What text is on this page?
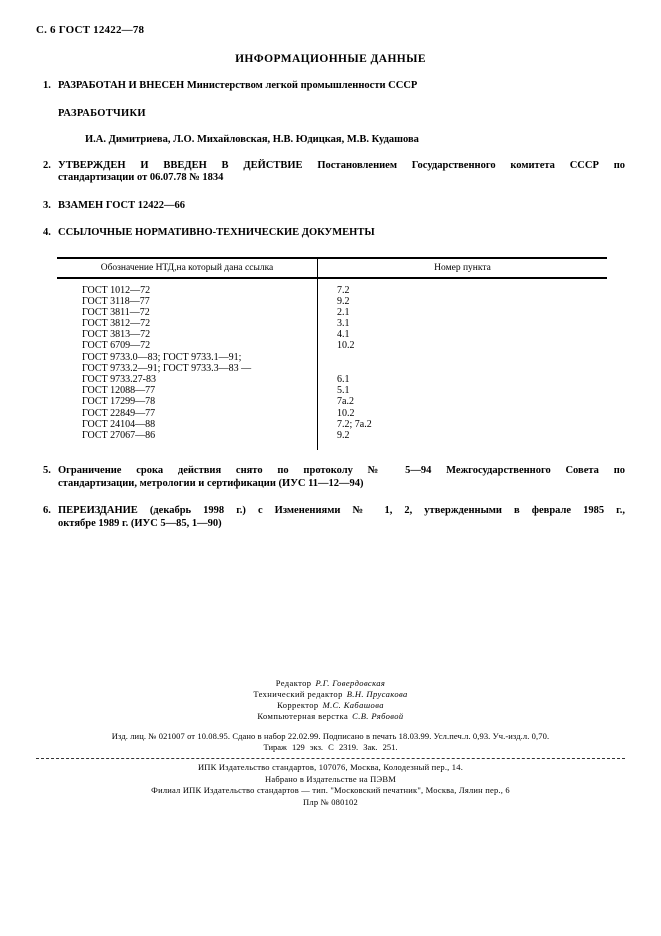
С. 6 ГОСТ 12422—78
ИНФОРМАЦИОННЫЕ ДАННЫЕ
1. РАЗРАБОТАН И ВНЕСЕН Министерством легкой промышленности СССР
РАЗРАБОТЧИКИ
И.А. Димитриева, Л.О. Михайловская, Н.В. Юдицкая, М.В. Кудашова
2. УТВЕРЖДЕН И ВВЕДЕН В ДЕЙСТВИЕ Постановлением Государственного комитета СССР по
стандартизации от 06.07.78 № 1834
3. ВЗАМЕН ГОСТ 12422—66
4. ССЫЛОЧНЫЕ НОРМАТИВНО-ТЕХНИЧЕСКИЕ ДОКУМЕНТЫ
Обозначение НТД,на который дана ссылка	Номер пункта
ГОСТ 1012—72	7.2
ГОСТ 3118—77	9.2
ГОСТ 3811—72	2.1
ГОСТ 3812—72	3.1
ГОСТ 3813—72	4.1
ГОСТ 6709—72	10.2
ГОСТ 9733.0—83; ГОСТ 9733.1—91;
ГОСТ 9733.2—91; ГОСТ 9733.3—83 —
ГОСТ 9733.27-83	6.1
ГОСТ 12088—77	5.1
ГОСТ 17299—78	7а.2
ГОСТ 22849—77	10.2
ГОСТ 24104—88	7.2; 7а.2
ГОСТ 27067—86	9.2
5. Ограничение срока действия снято по протоколу № 5—94 Межгосударственного Совета по
стандартизации, метрологии и сертификации (ИУС 11—12—94)
6. ПЕРЕИЗДАНИЕ (декабрь 1998 г.) с Изменениями № 1, 2, утвержденными в феврале 1985 г.,
октябре 1989 г. (ИУС 5—85, 1—90)
Редактор Р.Г. Говердовская
Технический редактор В.Н. Прусакова
Корректор М.С. Кабашова
Компьютерная верстка С.В. Рябовой
Изд. лиц. № 021007 от 10.08.95. Сдано в набор 22.02.99. Подписано в печать 18.03.99. Усл.печ.л. 0,93. Уч.-изд.л. 0,70.
Тираж 129 экз. С 2319. Зак. 251.
ИПК Издательство стандартов, 107076, Москва, Колодезный пер., 14.
Набрано в Издательстве на ПЭВМ
Филиал ИПК Издательство стандартов — тип. "Московский печатник", Москва, Лялин пер., 6
Плр № 080102
